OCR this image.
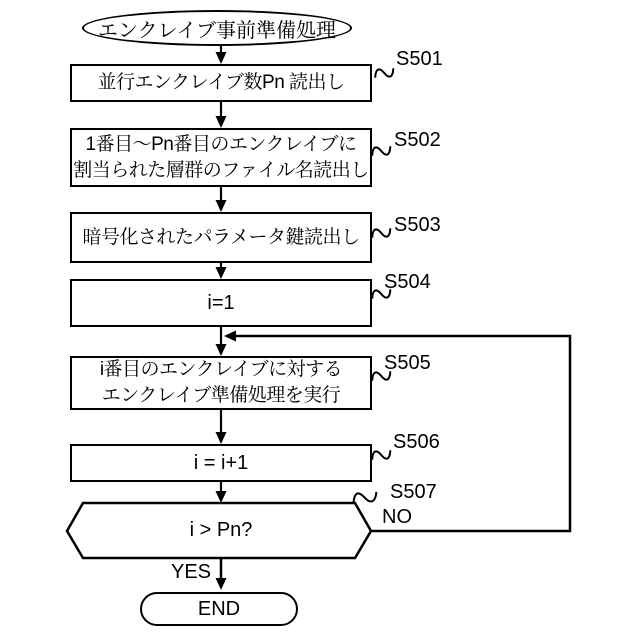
エンクレイブ事前準備処理
並行エンクレイブ数Pn 読出し
S501
1番目～Pn番目のエンクレイブに
割当られた層群のファイル名読出し
S502
暗号化されたパラメータ鍵読出し
S503
i=1
S504
i番目のエンクレイブに対する
エンクレイブ準備処理を実行
S505
i = i+1
S506
i > Pn?
S507
NO
YES
END
